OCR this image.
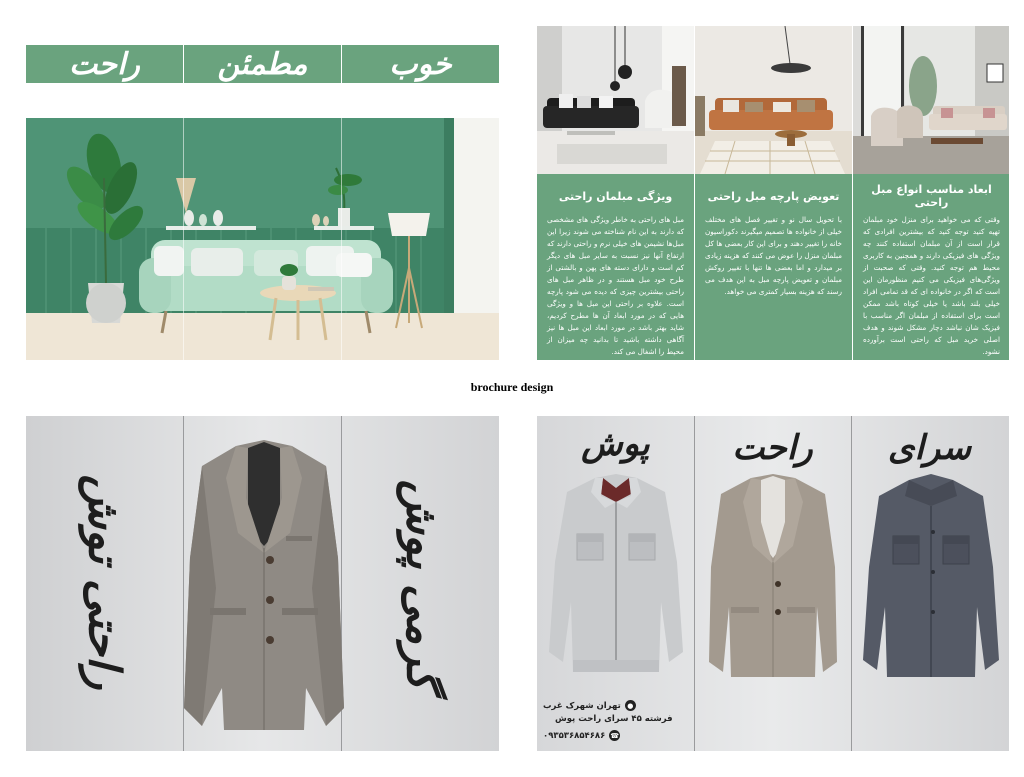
راحت	مطمئن	خوب
ویژگی مبلمان راحتی
مبل های راحتی به خاطر ویژگی های مشخصی که دارند به این نام شناخته می شوند زیرا این مبل‌ها نشیمن های خیلی نرم و راحتی دارند که ارتفاع آنها نیز نسبت به سایر مبل های دیگر کم است و دارای دسته های پهن و بالشتی از طرح خود مبل هستند و در ظاهر مبل های راحتی بیشترین چیزی که دیده می شود پارچه است. علاوه بر راحتی این مبل ها و ویژگی هایی که در مورد ابعاد آن ها مطرح کردیم، شاید بهتر باشد در مورد ابعاد این مبل ها نیز آگاهی داشته باشید تا بدانید چه میزان از محیط را اشغال می کند.
تعویض پارچه مبل راحتی
با تحویل سال نو و تغییر فصل های مختلف خیلی از خانواده ها تصمیم میگیرند دکوراسیون خانه را تغییر دهند و برای این کار بعضی ها کل مبلمان منزل را عوض می کنند که هزینه زیادی بر میدارد و اما بعضی ها تنها با تغییر روکش مبلمان و تعویض پارچه مبل به این هدف می رسند که هزینه بسیار کمتری می خواهد.
ابعاد مناسب انواع مبل راحتی
وقتی که می خواهید برای منزل خود مبلمان تهیه کنید توجه کنید که بیشترین افرادی که قرار است از آن مبلمان استفاده کنند چه ویژگی های فیزیکی دارند و همچنین به کاربری محیط هم توجه کنید. وقتی که صحبت از ویژگی‌های فیزیکی می کنیم منظورمان این است که اگر در خانواده ای که قد تمامی افراد خیلی بلند باشد یا خیلی کوتاه باشد ممکن است برای استفاده از مبلمان اگر مناسب با فیزیک شان نباشد دچار مشکل شوند و هدف اصلی خرید مبل که راحتی است برآورده نشود.
brochure design
راحتی توش	گرمی پوش
پوش	راحت	سرای
●
تهران شهرک غرب
فرشته ۴۵ سرای راحت پوش
☎
۰۹۳۵۳۶۸۵۴۶۸۶
